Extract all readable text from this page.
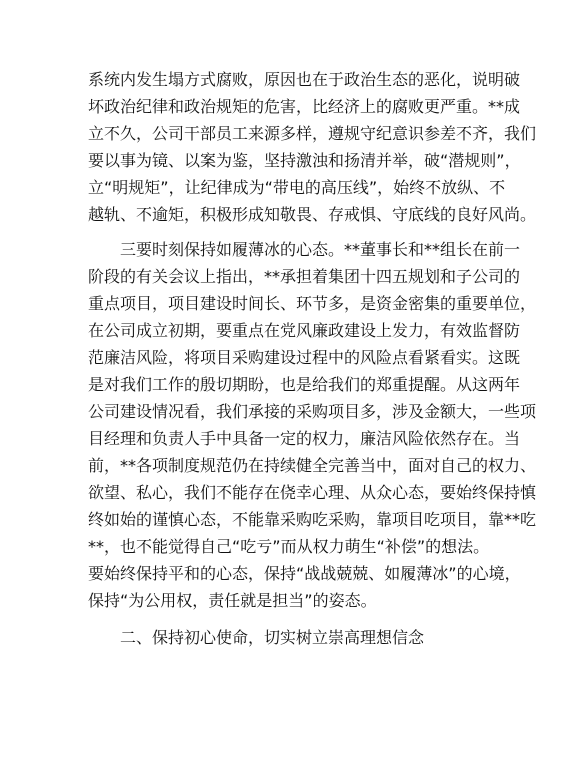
系统内发生塌方式腐败，原因也在于政治生态的恶化，说明破
坏政治纪律和政治规矩的危害，比经济上的腐败更严重。**成
立不久，公司干部员工来源多样，遵规守纪意识参差不齐，我们
要以事为镜、以案为鉴，坚持激浊和扬清并举，破“潜规则”，
立“明规矩”，让纪律成为“带电的高压线”，始终不放纵、不
越轨、不逾矩，积极形成知敬畏、存戒惧、守底线的良好风尚。
三要时刻保持如履薄冰的心态。**董事长和**组长在前一
阶段的有关会议上指出，**承担着集团十四五规划和子公司的
重点项目，项目建设时间长、环节多，是资金密集的重要单位，
在公司成立初期，要重点在党风廉政建设上发力，有效监督防
范廉洁风险，将项目采购建设过程中的风险点看紧看实。这既
是对我们工作的殷切期盼，也是给我们的郑重提醒。从这两年
公司建设情况看，我们承接的采购项目多，涉及金额大，一些项
目经理和负责人手中具备一定的权力，廉洁风险依然存在。当
前，**各项制度规范仍在持续健全完善当中，面对自己的权力、
欲望、私心，我们不能存在侥幸心理、从众心态，要始终保持慎
终如始的谨慎心态，不能靠采购吃采购，靠项目吃项目，靠**吃
**，也不能觉得自己“吃亏”而从权力萌生“补偿”的想法。
要始终保持平和的心态，保持“战战兢兢、如履薄冰”的心境，
保持“为公用权，责任就是担当”的姿态。
二、保持初心使命，切实树立崇高理想信念
